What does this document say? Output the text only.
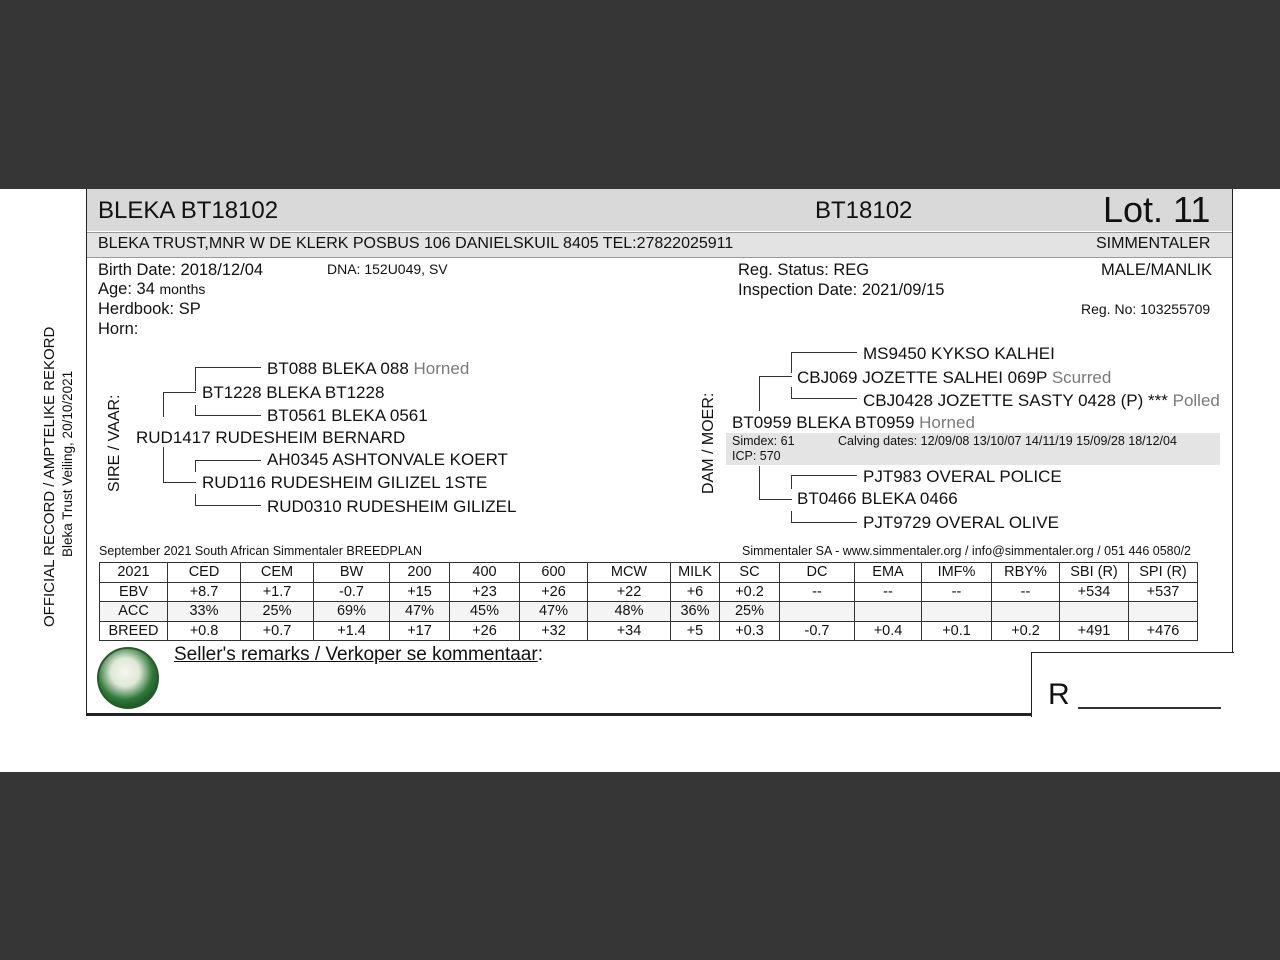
BLEKA BT18102	BT18102	Lot. 11
BLEKA TRUST,MNR W DE KLERK POSBUS 106 DANIELSKUIL 8405 TEL:27822025911	SIMMENTALER
OFFICIAL RECORD / AMPTELIKE REKORD Bleka Trust Veiling, 20/10/2021
Birth Date: 2018/12/04	DNA: 152U049, SV
Age: 34 months
Herdbook: SP
Horn:
Reg. Status: REG
Inspection Date: 2021/09/15
MALE/MANLIK
Reg. No: 103255709
SIRE / VAAR:
BT088 BLEKA 088 Horned
BT1228 BLEKA BT1228
BT0561 BLEKA 0561
RUD1417 RUDESHEIM BERNARD
AH0345 ASHTONVALE KOERT
RUD116 RUDESHEIM GILIZEL 1STE
RUD0310 RUDESHEIM GILIZEL
DAM / MOER:
MS9450 KYKSO KALHEI
CBJ069 JOZETTE SALHEI 069P Scurred
CBJ0428 JOZETTE SASTY 0428 (P) *** Polled
BT0959 BLEKA BT0959 Horned
Simdex: 61	Calving dates: 12/09/08 13/10/07 14/11/19 15/09/28 18/12/04
ICP: 570
PJT983 OVERAL POLICE
BT0466 BLEKA 0466
PJT9729 OVERAL OLIVE
September 2021 South African Simmentaler BREEDPLAN	Simmentaler SA - www.simmentaler.org / info@simmentaler.org / 051 446 0580/2
2021	CED	CEM	BW	200	400	600	MCW	MILK	SC	DC	EMA	IMF%	RBY%	SBI (R)	SPI (R)
EBV	+8.7	+1.7	-0.7	+15	+23	+26	+22	+6	+0.2	--	--	--	--	+534	+537
ACC	33%	25%	69%	47%	45%	47%	48%	36%	25%						
BREED	+0.8	+0.7	+1.4	+17	+26	+32	+34	+5	+0.3	-0.7	+0.4	+0.1	+0.2	+491	+476
Seller's remarks / Verkoper se kommentaar:
R
